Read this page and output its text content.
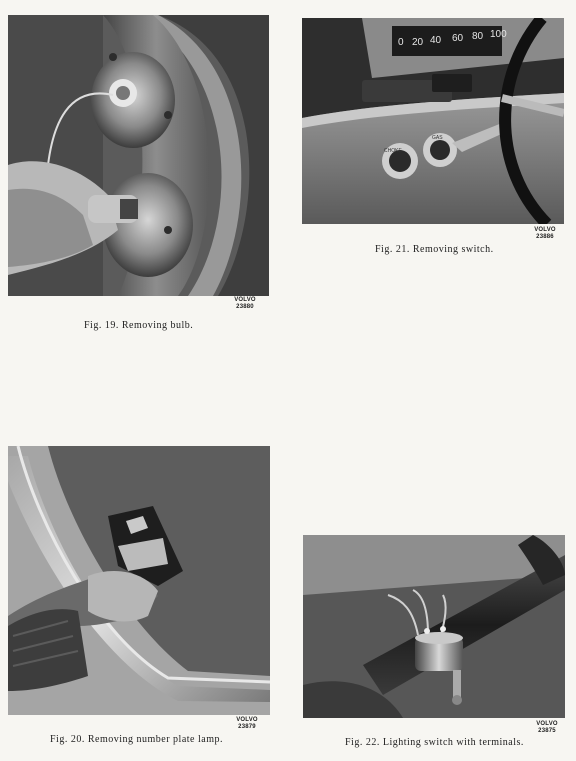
VOLVO
23880
Fig. 19. Removing bulb.
0 20 40 60 80 100
CHOKE
GAS
VOLVO
23886
Fig. 21. Removing switch.
VOLVO
23879
Fig. 20. Removing number plate lamp.
VOLVO
23875
Fig. 22. Lighting switch with terminals.
